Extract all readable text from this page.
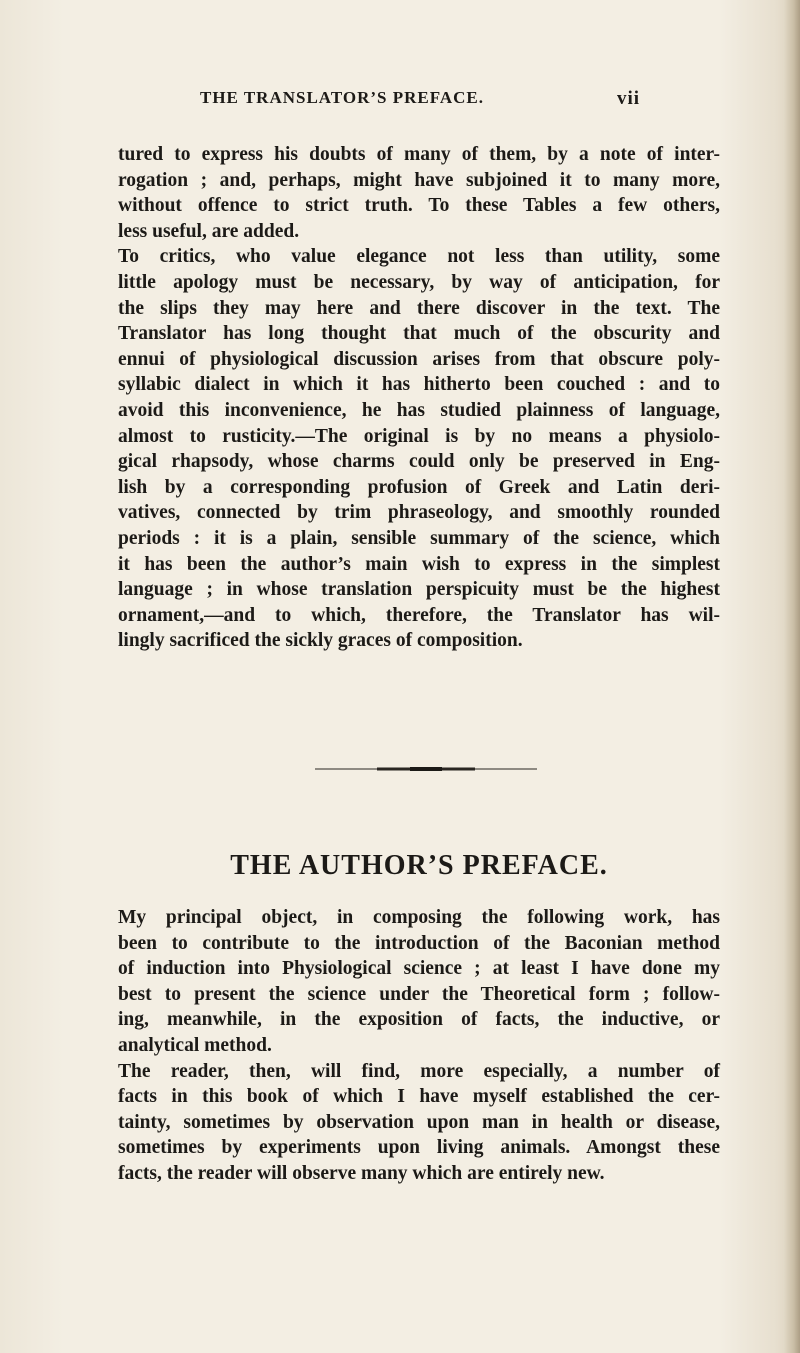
THE TRANSLATOR’S PREFACE.	vii
tured to express his doubts of many of them, by a note of inter-
rogation ; and, perhaps, might have subjoined it to many more,
without offence to strict truth. To these Tables a few others,
less useful, are added.
To critics, who value elegance not less than utility, some
little apology must be necessary, by way of anticipation, for
the slips they may here and there discover in the text. The
Translator has long thought that much of the obscurity and
ennui of physiological discussion arises from that obscure poly-
syllabic dialect in which it has hitherto been couched : and to
avoid this inconvenience, he has studied plainness of language,
almost to rusticity.—The original is by no means a physiolo-
gical rhapsody, whose charms could only be preserved in Eng-
lish by a corresponding profusion of Greek and Latin deri-
vatives, connected by trim phraseology, and smoothly rounded
periods : it is a plain, sensible summary of the science, which
it has been the author’s main wish to express in the simplest
language ; in whose translation perspicuity must be the highest
ornament,—and to which, therefore, the Translator has wil-
lingly sacrificed the sickly graces of composition.
THE AUTHOR’S PREFACE.
My principal object, in composing the following work, has
been to contribute to the introduction of the Baconian method
of induction into Physiological science ; at least I have done my
best to present the science under the Theoretical form ; follow-
ing, meanwhile, in the exposition of facts, the inductive, or
analytical method.
The reader, then, will find, more especially, a number of
facts in this book of which I have myself established the cer-
tainty, sometimes by observation upon man in health or disease,
sometimes by experiments upon living animals. Amongst these
facts, the reader will observe many which are entirely new.
